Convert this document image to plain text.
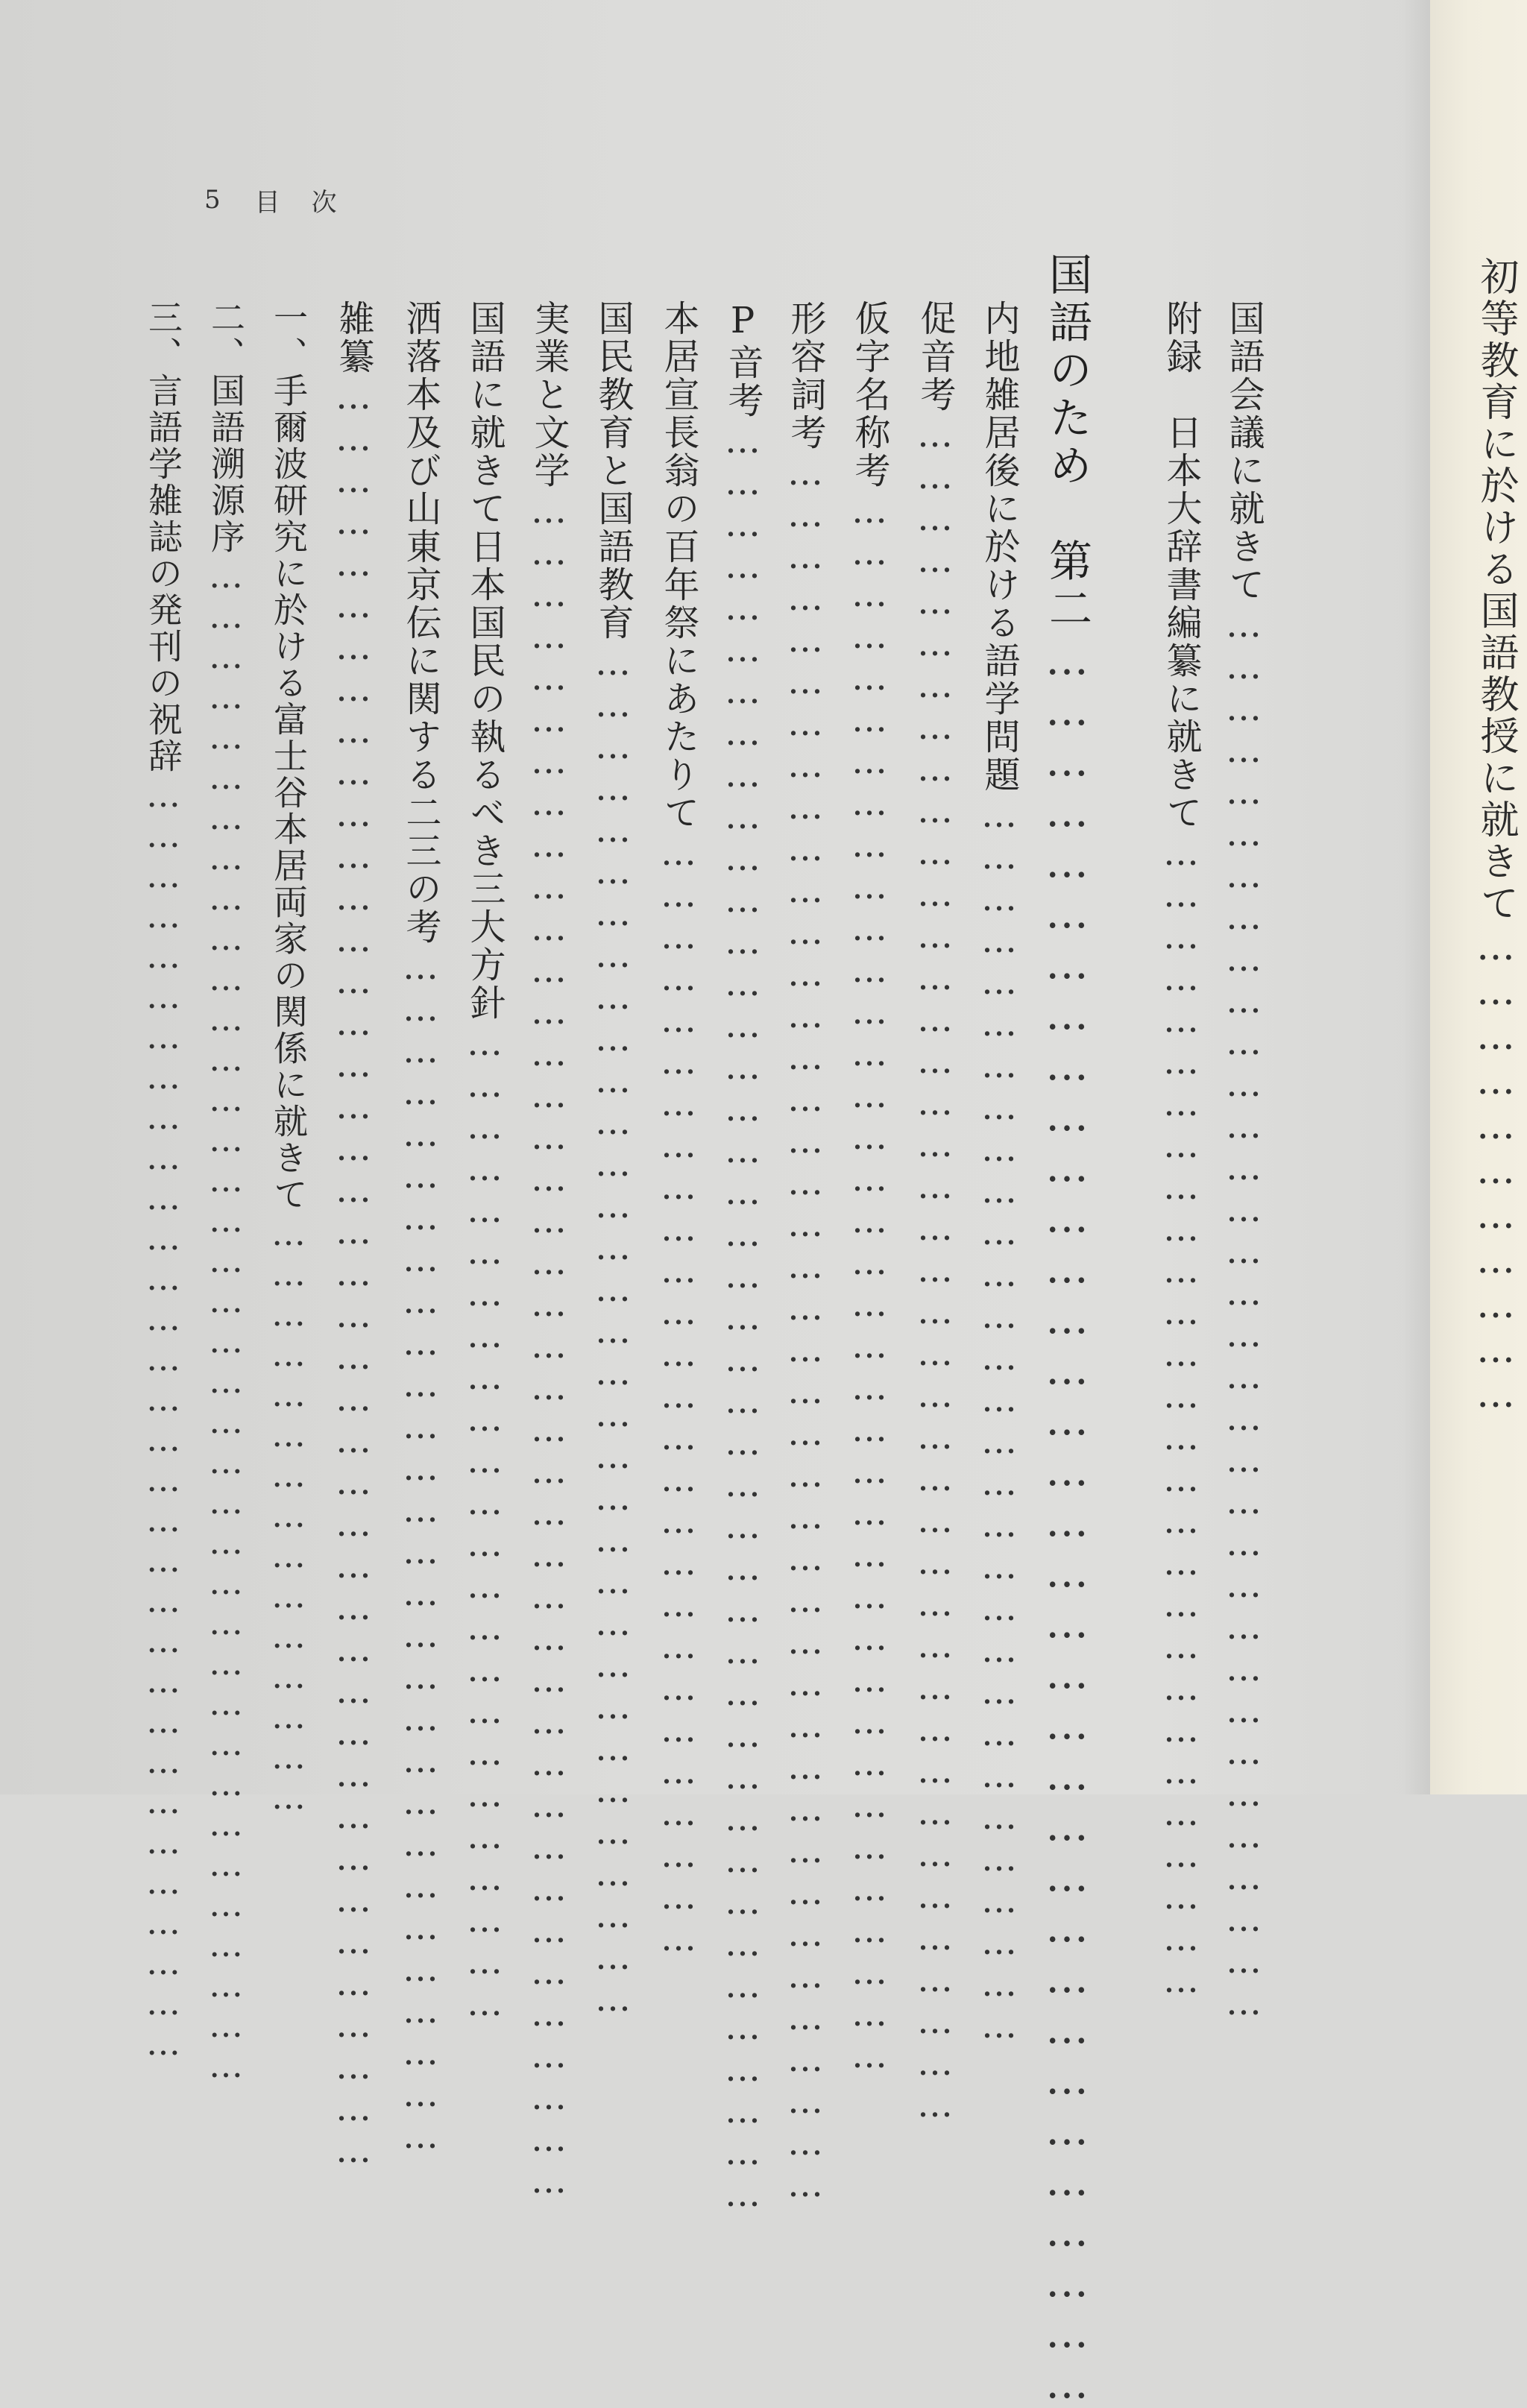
5 目 次
国語会議に就きて…………………………………………………………………………………………
附録　日本大辞書編纂に就きて…………………………………………………………………………
国語のため　第二……………………………………………………………………………………………
内地雑居後に於ける語学問題………………………………………………………………………………
促音考……………………………………………………………………………………………………………
仮字名称考……………………………………………………………………………………………………
形容詞考………………………………………………………………………………………………………………
P音考…………………………………………………………………………………………………………………
本居宣長翁の百年祭にあたりて………………………………………………………………………
国民教育と国語教育………………………………………………………………………………………
実業と文学……………………………………………………………………………………………………………
国語に就きて日本国民の執るべき三大方針………………………………………………………………
洒落本及び山東京伝に関する二三の考……………………………………………………………………………
雑纂…………………………………………………………………………………………………………………
一、手爾波研究に於ける富士谷本居両家の関係に就きて………………………………………
二、国語溯源序……………………………………………………………………………………………………
三、言語学雑誌の発刊の祝辞……………………………………………………………………………………
初等教育に於ける国語教授に就きて……………………………
